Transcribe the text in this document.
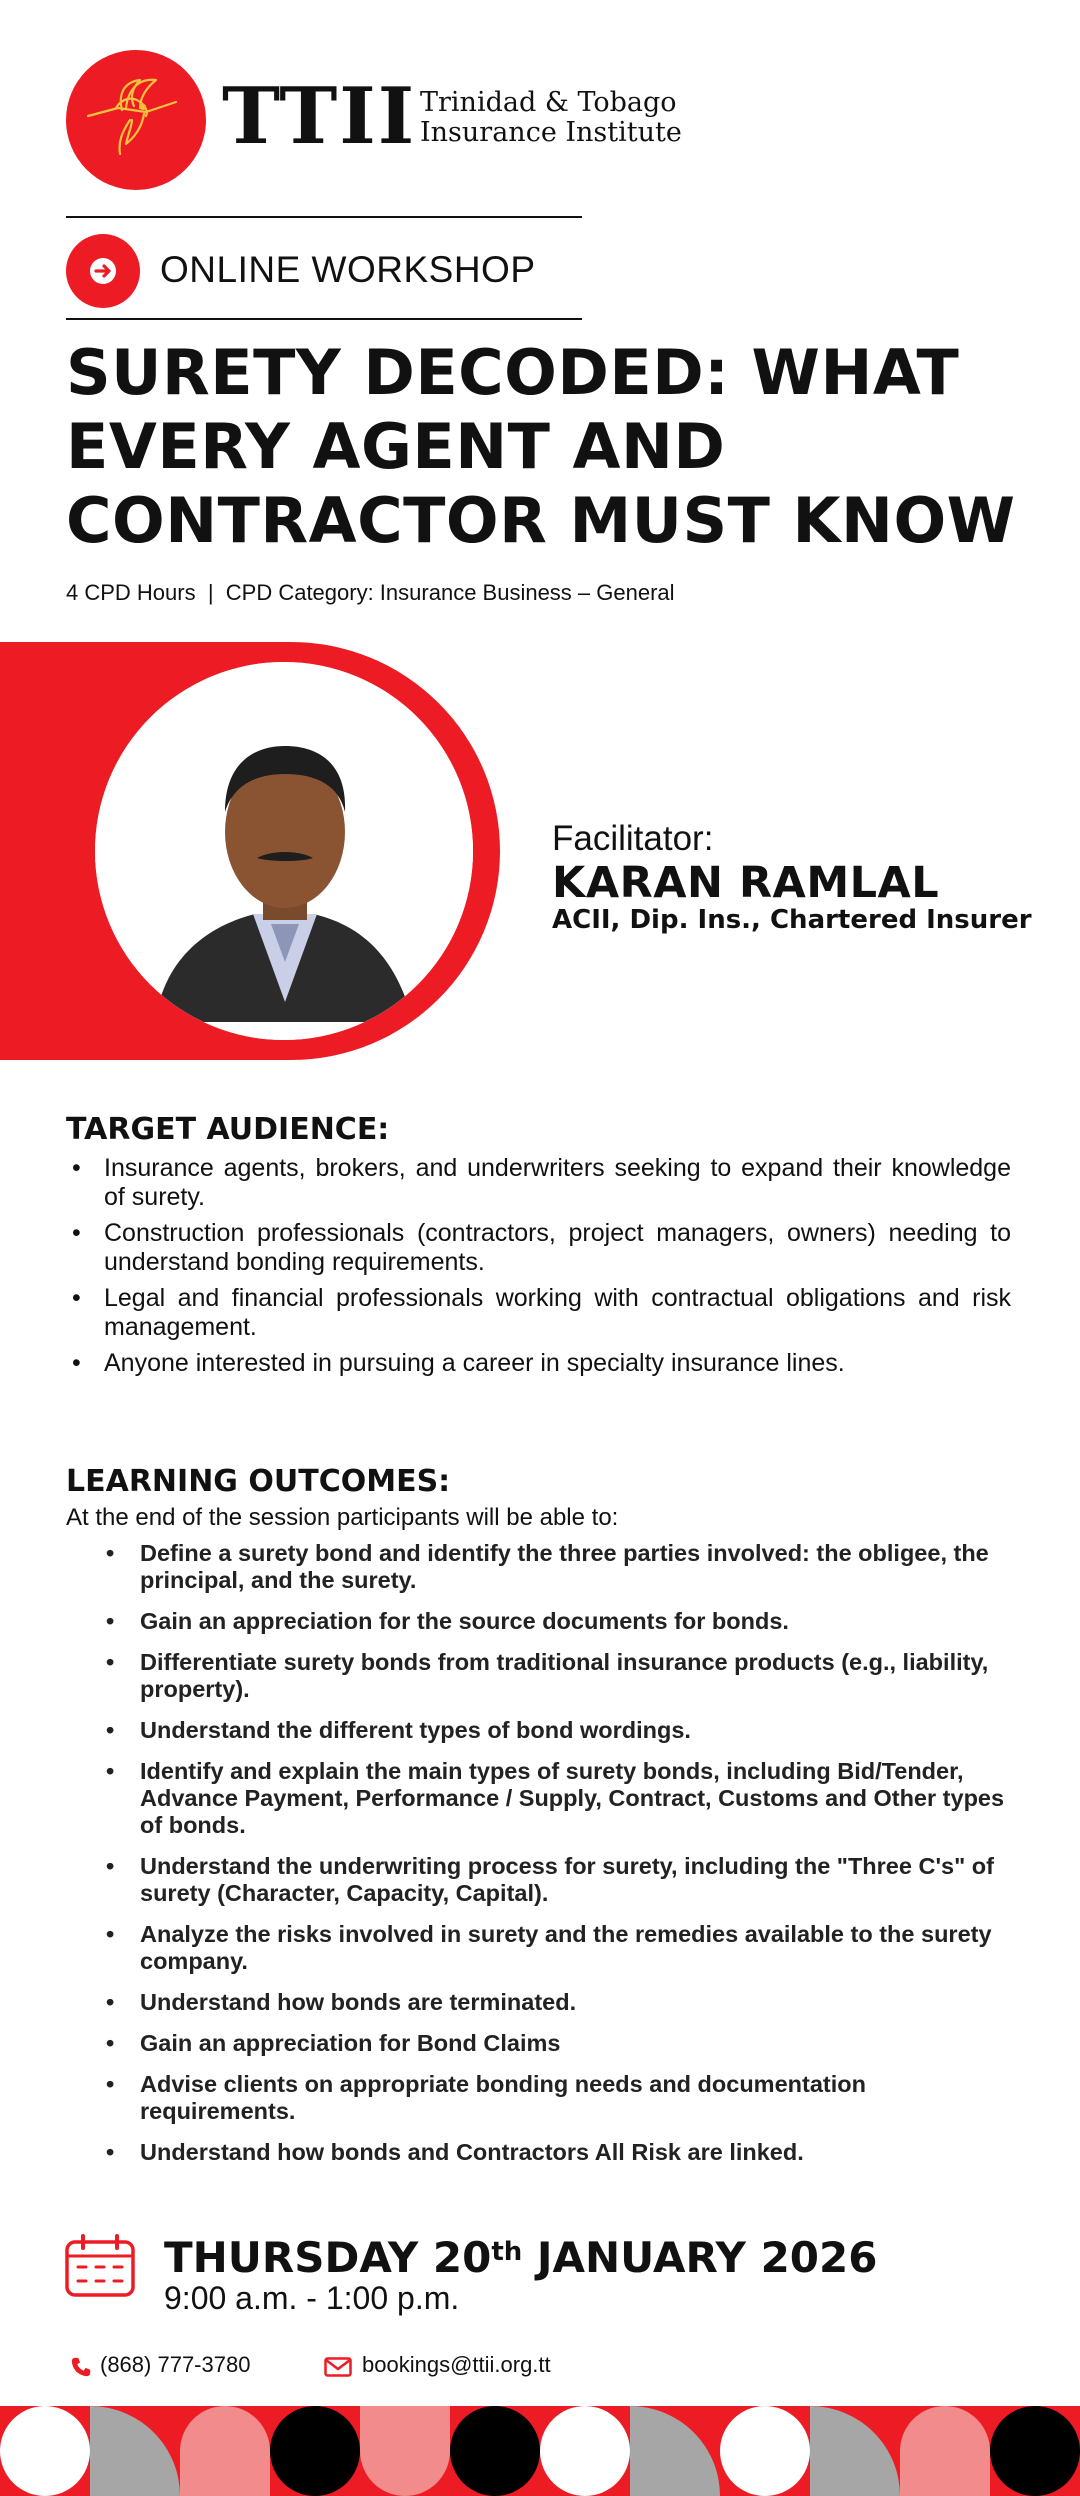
TTII Trinidad & Tobago
Insurance Institute
ONLINE WORKSHOP
SURETY DECODED: WHAT
EVERY AGENT AND
CONTRACTOR MUST KNOW
4 CPD Hours  |  CPD Category: Insurance Business – General
Facilitator:
KARAN RAMLAL
ACII, Dip. Ins., Chartered Insurer
TARGET AUDIENCE:
• Insurance agents, brokers, and underwriters seeking to expand their knowledge of surety.
• Construction professionals (contractors, project managers, owners) needing to understand bonding requirements.
• Legal and financial professionals working with contractual obligations and risk management.
• Anyone interested in pursuing a career in specialty insurance lines.
LEARNING OUTCOMES:
At the end of the session participants will be able to:
• Define a surety bond and identify the three parties involved: the obligee, the principal, and the surety.
• Gain an appreciation for the source documents for bonds.
• Differentiate surety bonds from traditional insurance products (e.g., liability, property).
• Understand the different types of bond wordings.
• Identify and explain the main types of surety bonds, including Bid/Tender, Advance Payment, Performance / Supply, Contract, Customs and Other types of bonds.
• Understand the underwriting process for surety, including the "Three C's" of surety (Character, Capacity, Capital).
• Analyze the risks involved in surety and the remedies available to the surety company.
• Understand how bonds are terminated.
• Gain an appreciation for Bond Claims
• Advise clients on appropriate bonding needs and documentation requirements.
• Understand how bonds and Contractors All Risk are linked.
THURSDAY 20th JANUARY 2026
9:00 a.m. - 1:00 p.m.
(868) 777-3780	bookings@ttii.org.tt
